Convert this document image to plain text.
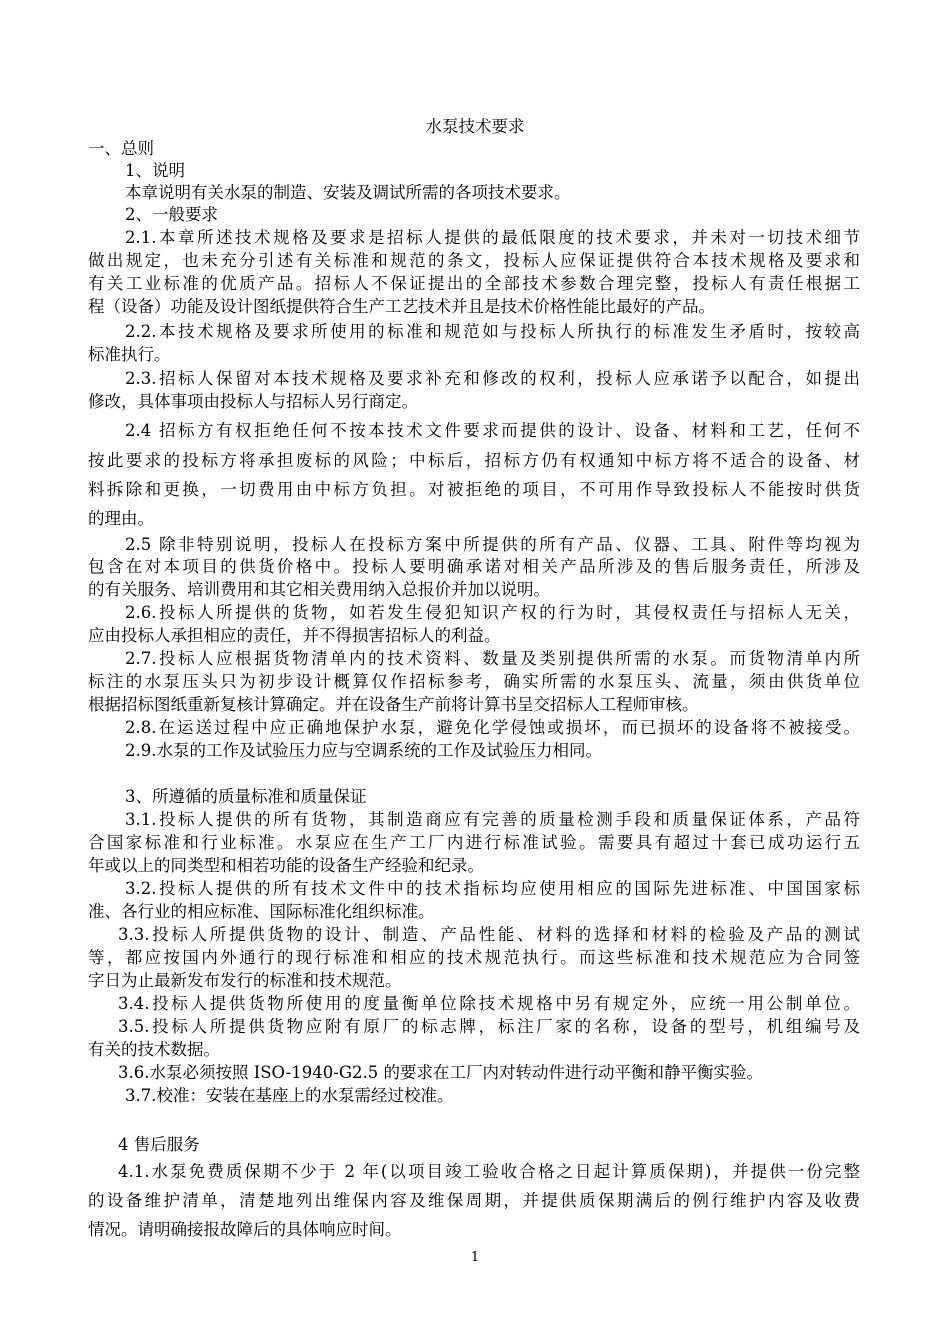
水泵技术要求
一、总则
1、说明
本章说明有关水泵的制造、安装及调试所需的各项技术要求。
2、一般要求
2.1.本章所述技术规格及要求是招标人提供的最低限度的技术要求，并未对一切技术细节
做出规定，也未充分引述有关标准和规范的条文，投标人应保证提供符合本技术规格及要求和
有关工业标准的优质产品。招标人不保证提出的全部技术参数合理完整，投标人有责任根据工
程（设备）功能及设计图纸提供符合生产工艺技术并且是技术价格性能比最好的产品。
2.2.本技术规格及要求所使用的标准和规范如与投标人所执行的标准发生矛盾时，按较高
标准执行。
2.3.招标人保留对本技术规格及要求补充和修改的权利，投标人应承诺予以配合，如提出
修改，具体事项由投标人与招标人另行商定。
2.4 招标方有权拒绝任何不按本技术文件要求而提供的设计、设备、材料和工艺，任何不
按此要求的投标方将承担废标的风险；中标后，招标方仍有权通知中标方将不适合的设备、材
料拆除和更换，一切费用由中标方负担。对被拒绝的项目，不可用作导致投标人不能按时供货
的理由。
2.5 除非特别说明，投标人在投标方案中所提供的所有产品、仪器、工具、附件等均视为
包含在对本项目的供货价格中。投标人要明确承诺对相关产品所涉及的售后服务责任，所涉及
的有关服务、培训费用和其它相关费用纳入总报价并加以说明。
2.6.投标人所提供的货物，如若发生侵犯知识产权的行为时，其侵权责任与招标人无关，
应由投标人承担相应的责任，并不得损害招标人的利益。
2.7.投标人应根据货物清单内的技术资料、数量及类别提供所需的水泵。而货物清单内所
标注的水泵压头只为初步设计概算仅作招标参考，确实所需的水泵压头、流量，须由供货单位
根据招标图纸重新复核计算确定。并在设备生产前将计算书呈交招标人工程师审核。
2.8.在运送过程中应正确地保护水泵，避免化学侵蚀或损坏，而已损坏的设备将不被接受。
2.9.水泵的工作及试验压力应与空调系统的工作及试验压力相同。
3、所遵循的质量标准和质量保证
3.1.投标人提供的所有货物，其制造商应有完善的质量检测手段和质量保证体系，产品符
合国家标准和行业标准。水泵应在生产工厂内进行标准试验。需要具有超过十套已成功运行五
年或以上的同类型和相若功能的设备生产经验和纪录。
3.2.投标人提供的所有技术文件中的技术指标均应使用相应的国际先进标准、中国国家标
准、各行业的相应标准、国际标准化组织标准。
3.3.投标人所提供货物的设计、制造、产品性能、材料的选择和材料的检验及产品的测试
等，都应按国内外通行的现行标准和相应的技术规范执行。而这些标准和技术规范应为合同签
字日为止最新发布发行的标准和技术规范。
3.4.投标人提供货物所使用的度量衡单位除技术规格中另有规定外，应统一用公制单位。
3.5.投标人所提供货物应附有原厂的标志牌，标注厂家的名称，设备的型号，机组编号及
有关的技术数据。
3.6.水泵必须按照 ISO-1940-G2.5 的要求在工厂内对转动件进行动平衡和静平衡实验。
3.7.校准：安装在基座上的水泵需经过校准。
4 售后服务
4.1.水泵免费质保期不少于 2 年(以项目竣工验收合格之日起计算质保期)，并提供一份完整
的设备维护清单，清楚地列出维保内容及维保周期，并提供质保期满后的例行维护内容及收费
情况。请明确接报故障后的具体响应时间。
1
